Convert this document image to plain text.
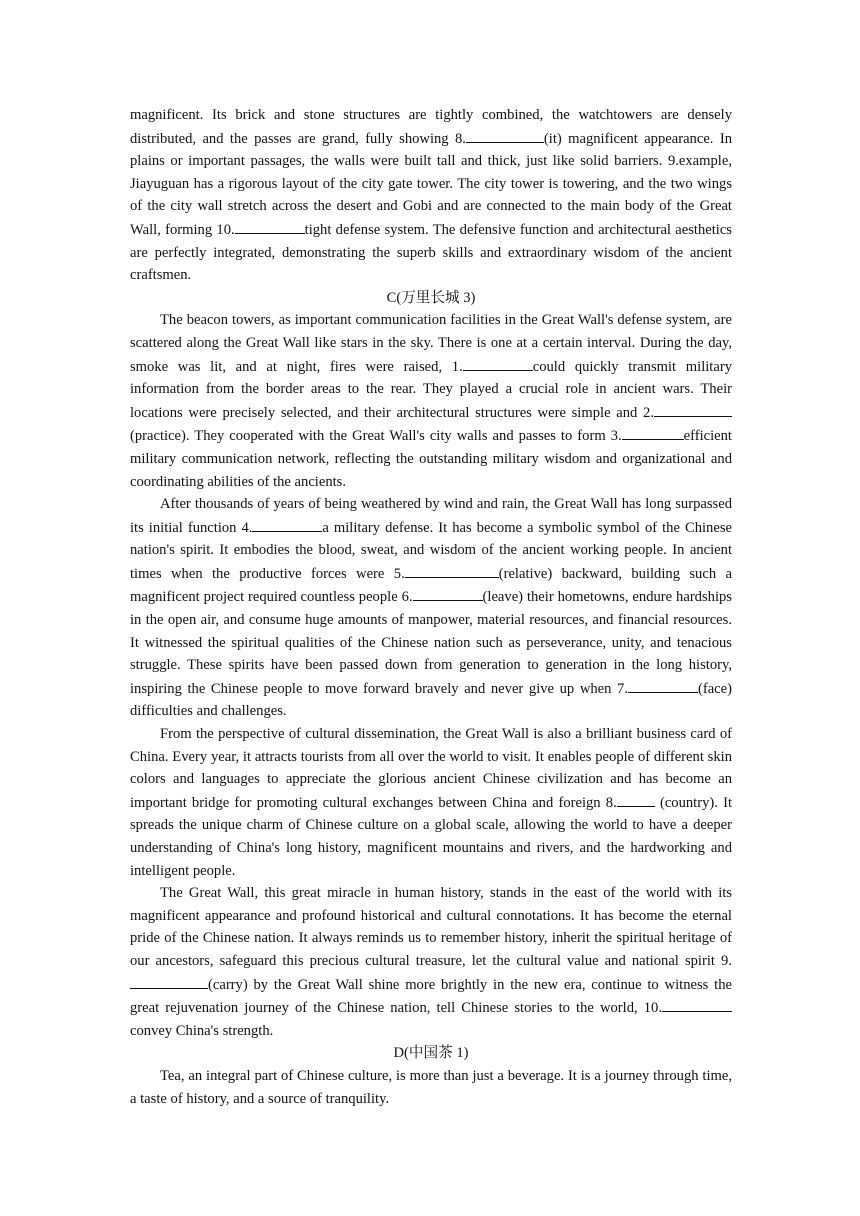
magnificent. Its brick and stone structures are tightly combined, the watchtowers are densely distributed, and the passes are grand, fully showing 8.	(it) magnificent appearance. In plains or important passages, the walls were built tall and thick, just like solid barriers. 9.example, Jiayuguan has a rigorous layout of the city gate tower. The city tower is towering, and the two wings of the city wall stretch across the desert and Gobi and are connected to the main body of the Great Wall, forming 10.	tight defense system. The defensive function and architectural aesthetics are perfectly integrated, demonstrating the superb skills and extraordinary wisdom of the ancient craftsmen.

C(万里长城 3)

The beacon towers, as important communication facilities in the Great Wall's defense system, are scattered along the Great Wall like stars in the sky. There is one at a certain interval. During the day, smoke was lit, and at night, fires were raised, 1.	could quickly transmit military information from the border areas to the rear. They played a crucial role in ancient wars. Their locations were precisely selected, and their architectural structures were simple and 2. (practice). They cooperated with the Great Wall's city walls and passes to form 3.	efficient military communication network, reflecting the outstanding military wisdom and organizational and coordinating abilities of the ancients.

After thousands of years of being weathered by wind and rain, the Great Wall has long surpassed its initial function 4.	a military defense. It has become a symbolic symbol of the Chinese nation's spirit. It embodies the blood, sweat, and wisdom of the ancient working people. In ancient times when the productive forces were 5.	(relative) backward, building such a magnificent project required countless people 6.	(leave) their hometowns, endure hardships in the open air, and consume huge amounts of manpower, material resources, and financial resources. It witnessed the spiritual qualities of the Chinese nation such as perseverance, unity, and tenacious struggle. These spirits have been passed down from generation to generation in the long history, inspiring the Chinese people to move forward bravely and never give up when 7.	(face) difficulties and challenges.

From the perspective of cultural dissemination, the Great Wall is also a brilliant business card of China. Every year, it attracts tourists from all over the world to visit. It enables people of different skin colors and languages to appreciate the glorious ancient Chinese civilization and has become an important bridge for promoting cultural exchanges between China and foreign 8.	(country). It spreads the unique charm of Chinese culture on a global scale, allowing the world to have a deeper understanding of China's long history, magnificent mountains and rivers, and the hardworking and intelligent people.

The Great Wall, this great miracle in human history, stands in the east of the world with its magnificent appearance and profound historical and cultural connotations. It has become the eternal pride of the Chinese nation. It always reminds us to remember history, inherit the spiritual heritage of our ancestors, safeguard this precious cultural treasure, let the cultural value and national spirit 9.(carry) by the Great Wall shine more brightly in the new era, continue to witness the great rejuvenation journey of the Chinese nation, tell Chinese stories to the world, 10.convey China's strength.

D(中国茶 1)

Tea, an integral part of Chinese culture, is more than just a beverage. It is a journey through time, a taste of history, and a source of tranquility.
